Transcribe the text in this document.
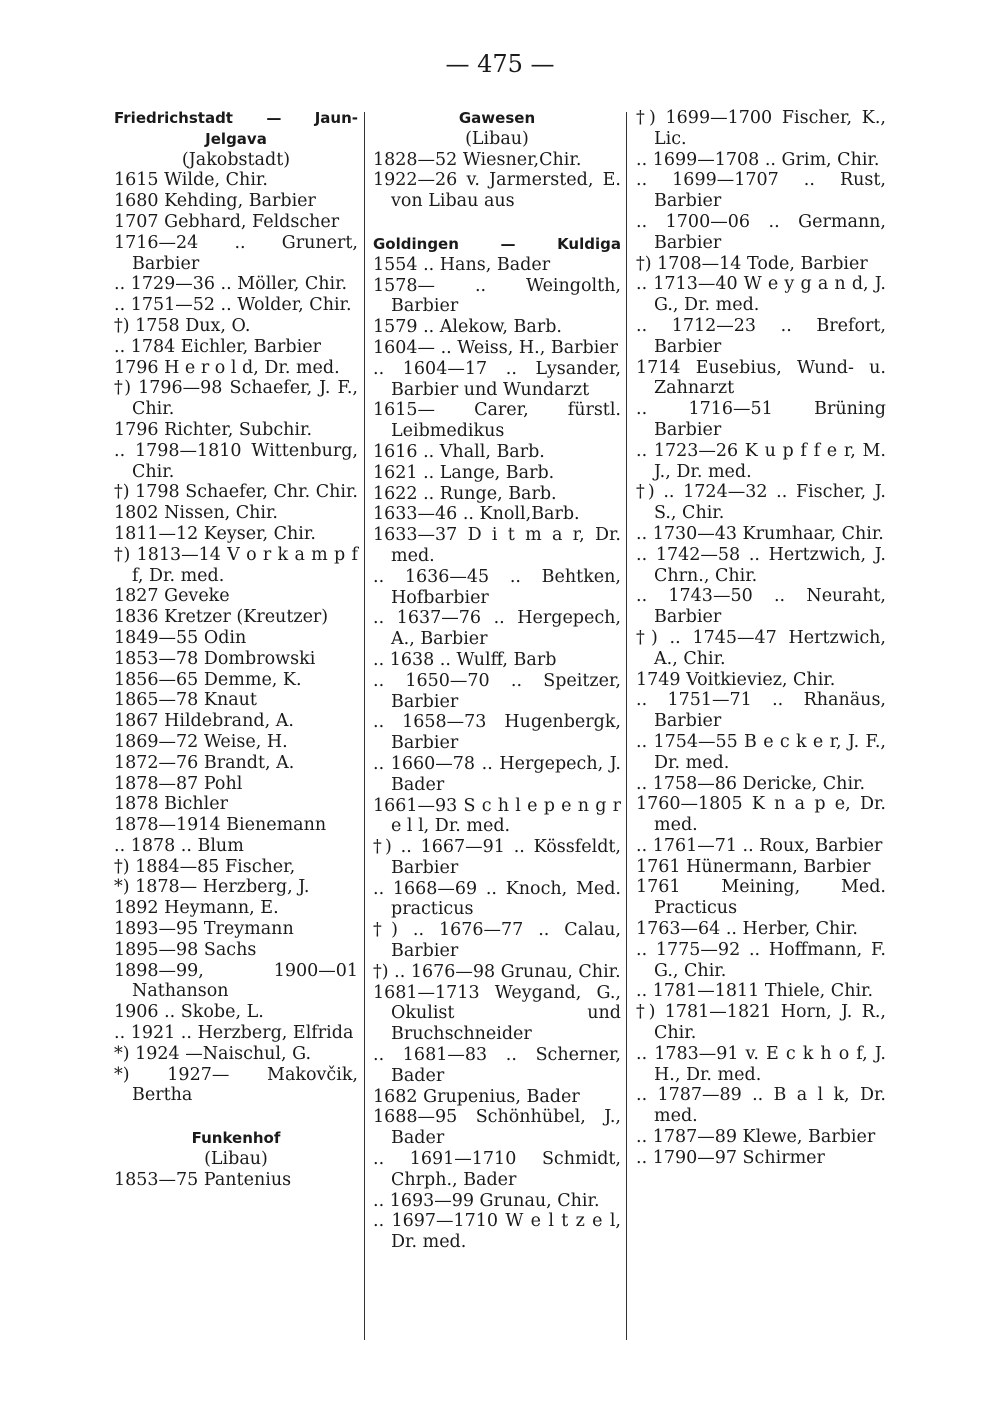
— 475 —
Friedrichstadt — Jaun-
Jelgava
(Jakobstadt)
1615 Wilde, Chir.
1680 Kehding, Barbier
1707 Gebhard, Feldscher
1716—24 .. Grunert, Barbier
.. 1729—36 .. Möller, Chir.
.. 1751—52 .. Wolder, Chir.
†) 1758 Dux, O.
.. 1784 Eichler, Barbier
1796 H e r o l d, Dr. med.
†) 1796—98 Schaefer, J. F., Chir.
1796 Richter, Subchir.
.. 1798—1810 Wittenburg, Chir.
†) 1798 Schaefer, Chr. Chir.
1802 Nissen, Chir.
1811—12 Keyser, Chir.
†) 1813—14 V o r k a m p f f, Dr. med.
1827 Geveke
1836 Kretzer (Kreutzer)
1849—55 Odin
1853—78 Dombrowski
1856—65 Demme, K.
1865—78 Knaut
1867 Hildebrand, A.
1869—72 Weise, H.
1872—76 Brandt, A.
1878—87 Pohl
1878 Bichler
1878—1914 Bienemann
.. 1878 .. Blum
†) 1884—85 Fischer,
*) 1878— Herzberg, J.
1892 Heymann, E.
1893—95 Treymann
1895—98 Sachs
1898—99, 1900—01 Nathanson
1906 .. Skobe, L.
.. 1921 .. Herzberg, Elfrida
*) 1924 —Naischul, G.
*) 1927— Makovčik, Bertha
Funkenhof
(Libau)
1853—75 Pantenius
Gawesen
(Libau)
1828—52 Wiesner,Chir.
1922—26 v. Jarmersted, E. von Libau aus
Goldingen — Kuldiga
1554 .. Hans, Bader
1578— .. Weingolth, Barbier
1579 .. Alekow, Barb.
1604— .. Weiss, H., Barbier
.. 1604—17 .. Lysander, Barbier und Wundarzt
1615— Carer, fürstl. Leibmedikus
1616 .. Vhall, Barb.
1621 .. Lange, Barb.
1622 .. Runge, Barb.
1633—46 .. Knoll,Barb.
1633—37 D i t m a r, Dr. med.
.. 1636—45 .. Behtken, Hofbarbier
.. 1637—76 .. Hergepech, A., Barbier
.. 1638 .. Wulff, Barb
.. 1650—70 .. Speitzer, Barbier
.. 1658—73 Hugenbergk, Barbier
.. 1660—78 .. Hergepech, J. Bader
1661—93 S c h l e p e n g r e l l, Dr. med.
†) .. 1667—91 .. Kössfeldt, Barbier
.. 1668—69 .. Knoch, Med. practicus
†) .. 1676—77 .. Calau, Barbier
†) .. 1676—98 Grunau, Chir.
1681—1713 Weygand, G., Okulist und Bruchschneider
.. 1681—83 .. Scherner, Bader
1682 Grupenius, Bader
1688—95 Schönhübel, J., Bader
.. 1691—1710 Schmidt, Chrph., Bader
.. 1693—99 Grunau, Chir.
.. 1697—1710 W e l t z e l, Dr. med.
†) 1699—1700 Fischer, K., Lic.
.. 1699—1708 .. Grim, Chir.
.. 1699—1707 .. Rust, Barbier
.. 1700—06 .. Germann, Barbier
†) 1708—14 Tode, Barbier
.. 1713—40 W e y g a n d, J. G., Dr. med.
.. 1712—23 .. Brefort, Barbier
1714 Eusebius, Wund- u. Zahnarzt
.. 1716—51 Brüning Barbier
.. 1723—26 K u p f f e r, M. J., Dr. med.
†) .. 1724—32 .. Fischer, J. S., Chir.
.. 1730—43 Krumhaar, Chir.
.. 1742—58 .. Hertzwich, J. Chrn., Chir.
.. 1743—50 .. Neuraht, Barbier
†) .. 1745—47 Hertzwich, A., Chir.
1749 Voitkieviez, Chir.
.. 1751—71 .. Rhanäus, Barbier
.. 1754—55 B e c k e r, J. F., Dr. med.
.. 1758—86 Dericke, Chir.
1760—1805 K n a p e, Dr. med.
.. 1761—71 .. Roux, Barbier
1761 Hünermann, Barbier
1761 Meining, Med. Practicus
1763—64 .. Herber, Chir.
.. 1775—92 .. Hoffmann, F. G., Chir.
.. 1781—1811 Thiele, Chir.
†) 1781—1821 Horn, J. R., Chir.
.. 1783—91 v. E c k h o f, J. H., Dr. med.
.. 1787—89 .. B a l k, Dr. med.
.. 1787—89 Klewe, Barbier
.. 1790—97 Schirmer
